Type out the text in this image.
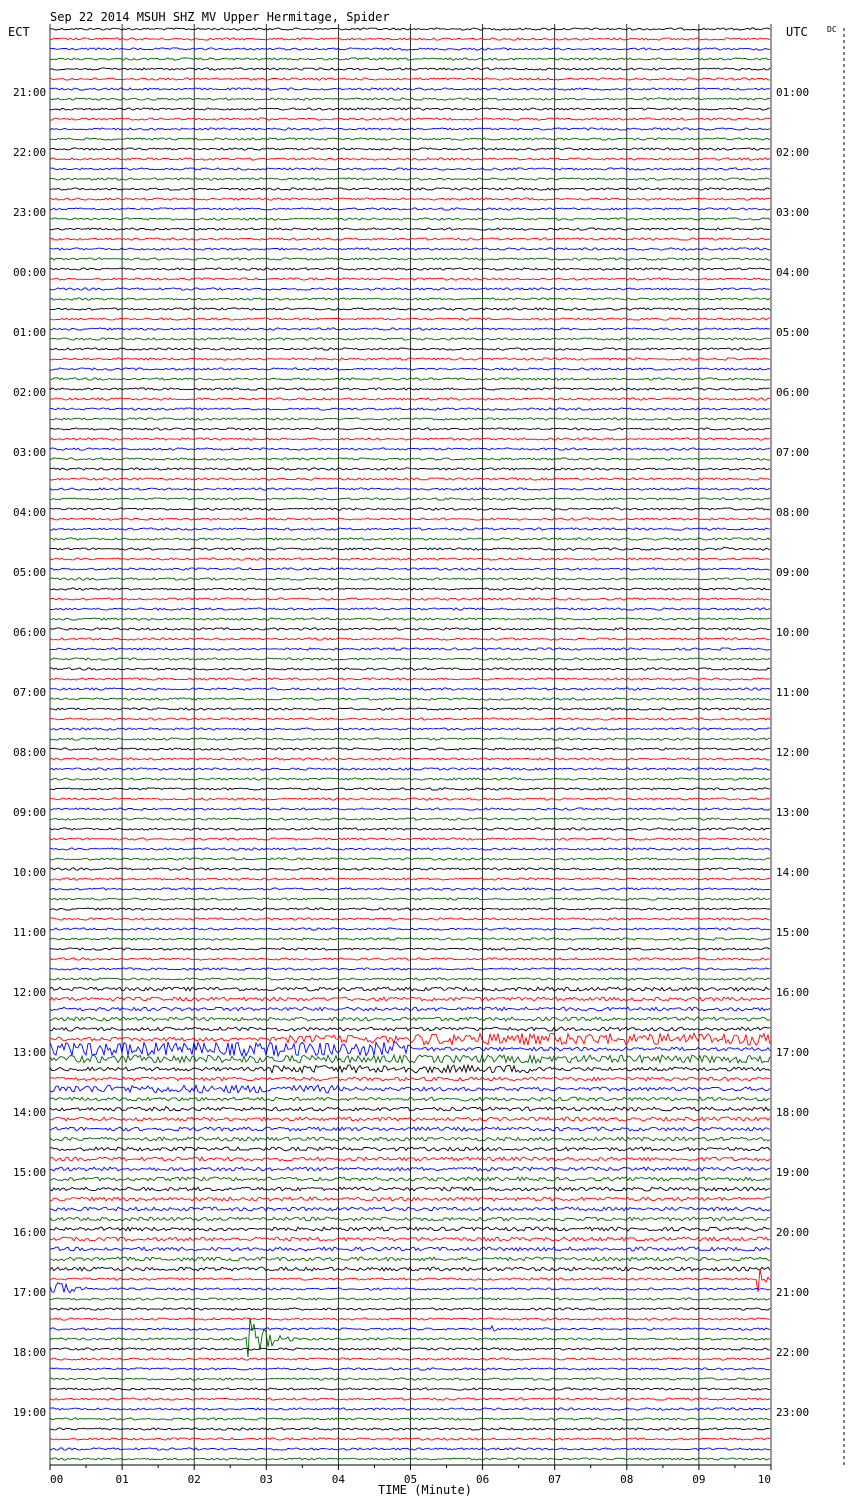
Sep 22 2014 MSUH SHZ MV Upper Hermitage, Spider
ECT	UTC DC
21:00
22:00
23:00
00:00
01:00
02:00
03:00
04:00
05:00
06:00
07:00
08:00
09:00
10:00
11:00
12:00
13:00
14:00
15:00
16:00
17:00
18:00
19:00
01:00
02:00
03:00
04:00
05:00
06:00
07:00
08:00
09:00
10:00
11:00
12:00
13:00
14:00
15:00
16:00
17:00
18:00
19:00
20:00
21:00
22:00
23:00
00	01	02	03	04	05	06	07	08	09	10
TIME (Minute)
